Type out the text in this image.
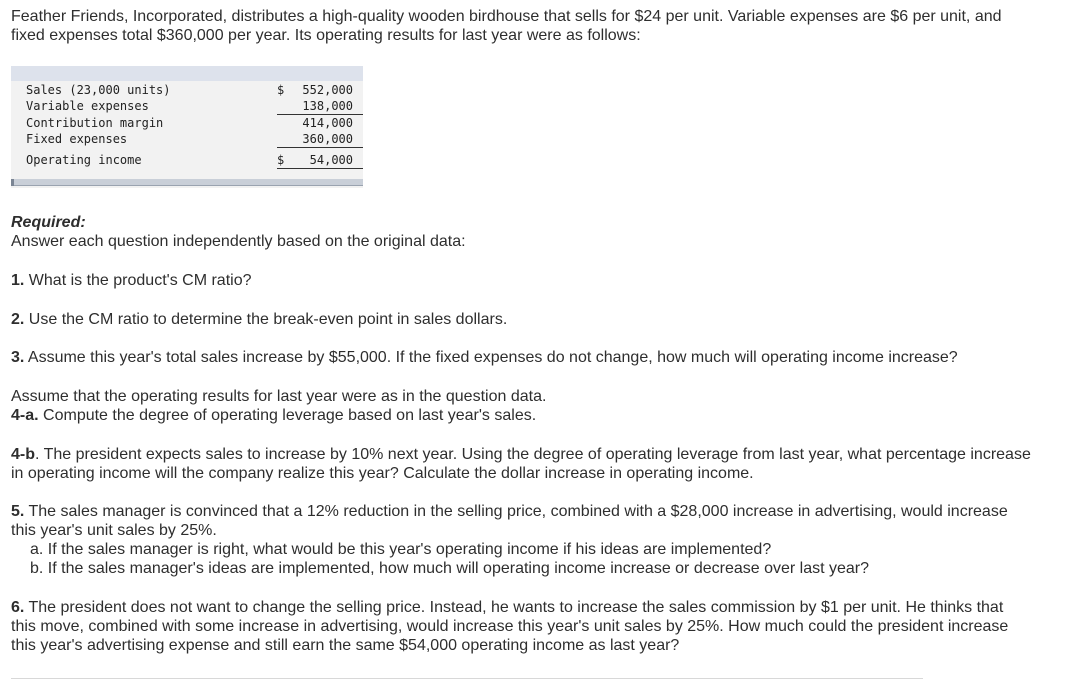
Feather Friends, Incorporated, distributes a high-quality wooden birdhouse that sells for $24 per unit. Variable expenses are $6 per unit, and fixed expenses total $360,000 per year. Its operating results for last year were as follows:
Sales (23,000 units)	$ 552,000
Variable expenses	138,000
Contribution margin	414,000
Fixed expenses	360,000
Operating income	$ 54,000
Required:
Answer each question independently based on the original data:
1. What is the product's CM ratio?
2. Use the CM ratio to determine the break-even point in sales dollars.
3. Assume this year's total sales increase by $55,000. If the fixed expenses do not change, how much will operating income increase?
Assume that the operating results for last year were as in the question data.
4-a. Compute the degree of operating leverage based on last year's sales.
4-b. The president expects sales to increase by 10% next year. Using the degree of operating leverage from last year, what percentage increase in operating income will the company realize this year? Calculate the dollar increase in operating income.
5. The sales manager is convinced that a 12% reduction in the selling price, combined with a $28,000 increase in advertising, would increase this year's unit sales by 25%.
a. If the sales manager is right, what would be this year's operating income if his ideas are implemented?
b. If the sales manager's ideas are implemented, how much will operating income increase or decrease over last year?
6. The president does not want to change the selling price. Instead, he wants to increase the sales commission by $1 per unit. He thinks that this move, combined with some increase in advertising, would increase this year's unit sales by 25%. How much could the president increase this year's advertising expense and still earn the same $54,000 operating income as last year?
